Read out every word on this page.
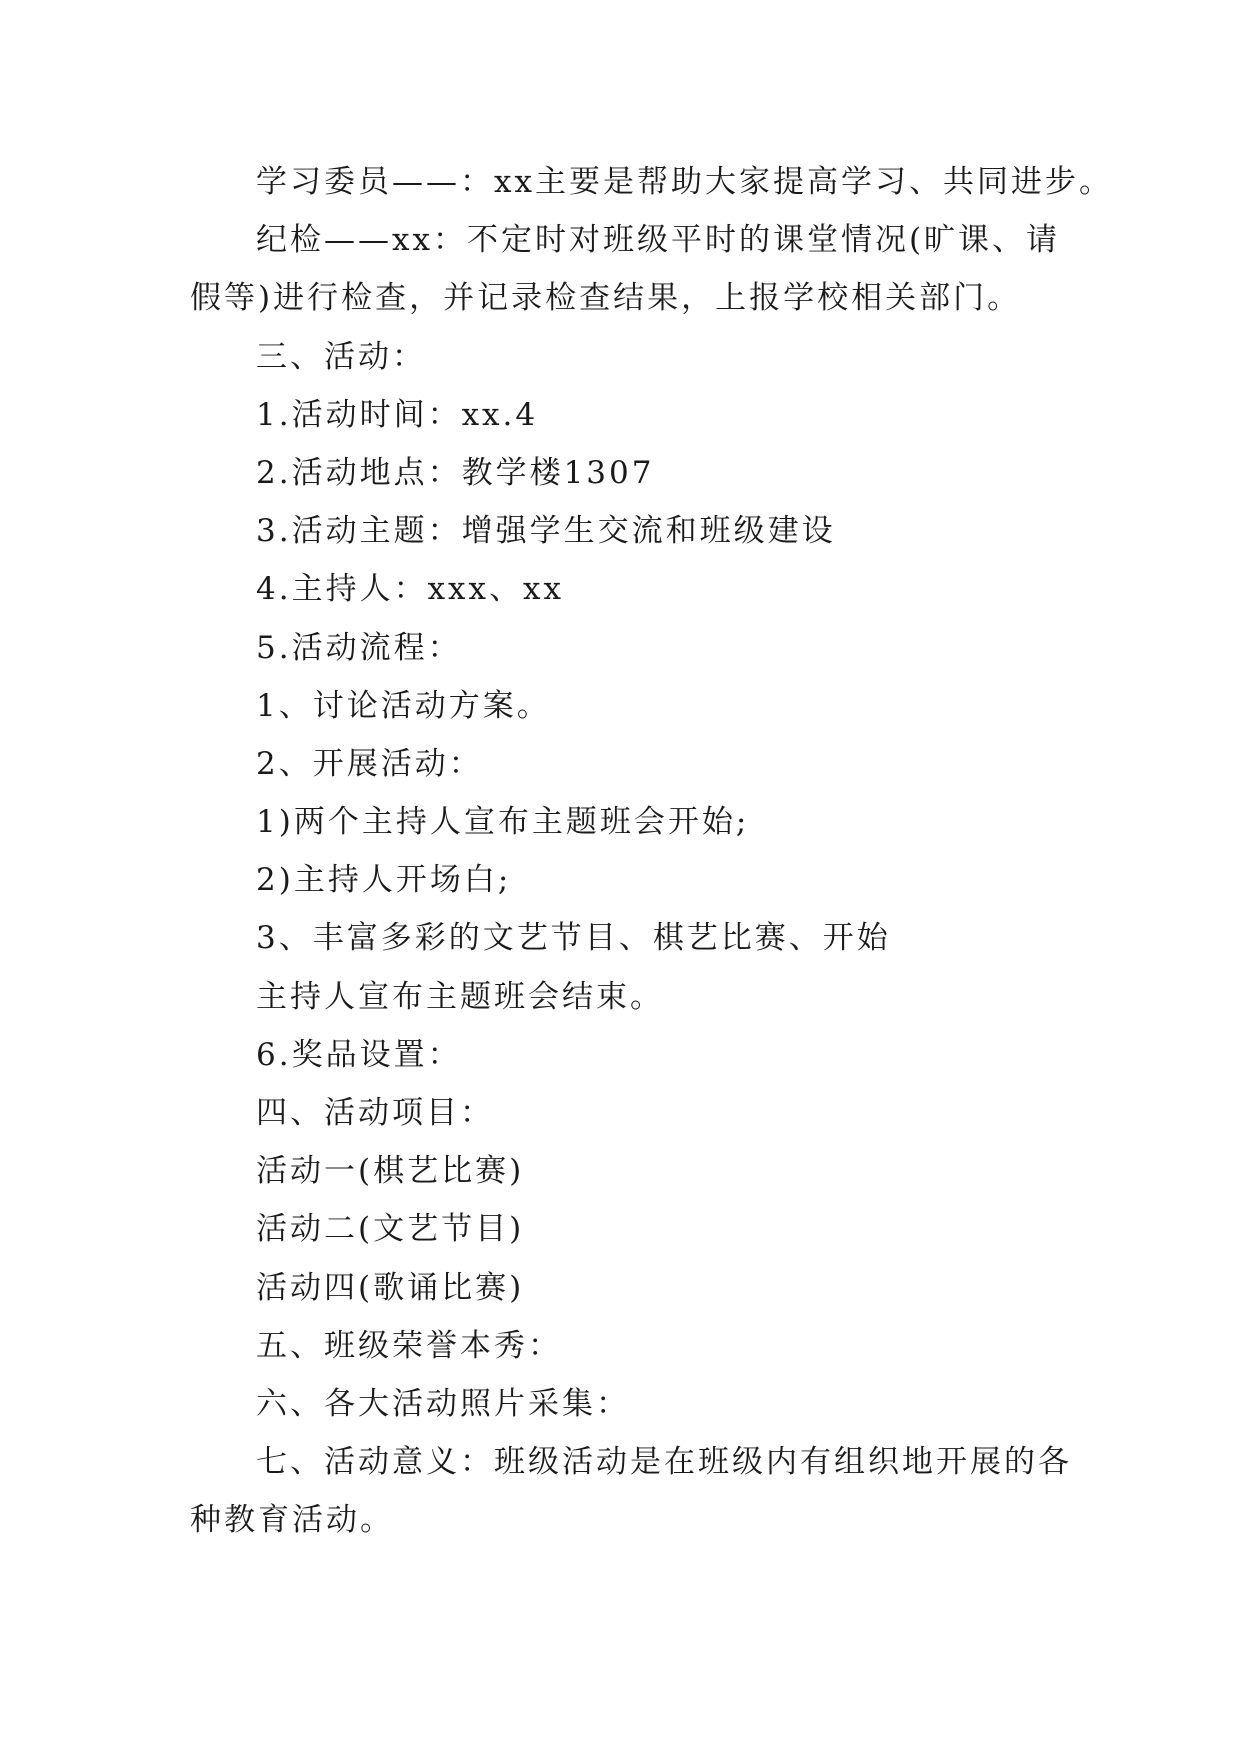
学习委员——：xx主要是帮助大家提高学习、共同进步。

纪检——xx：不定时对班级平时的课堂情况(旷课、请

假等)进行检查，并记录检查结果，上报学校相关部门。

三、活动：

1.活动时间：xx.4

2.活动地点：教学楼1307

3.活动主题：增强学生交流和班级建设

4.主持人：xxx、xx

5.活动流程：

1、讨论活动方案。

2、开展活动：

1)两个主持人宣布主题班会开始;

2)主持人开场白;

3、丰富多彩的文艺节目、棋艺比赛、开始

主持人宣布主题班会结束。

6.奖品设置：

四、活动项目：

活动一(棋艺比赛)

活动二(文艺节目)

活动四(歌诵比赛)

五、班级荣誉本秀：

六、各大活动照片采集：

七、活动意义：班级活动是在班级内有组织地开展的各

种教育活动。
